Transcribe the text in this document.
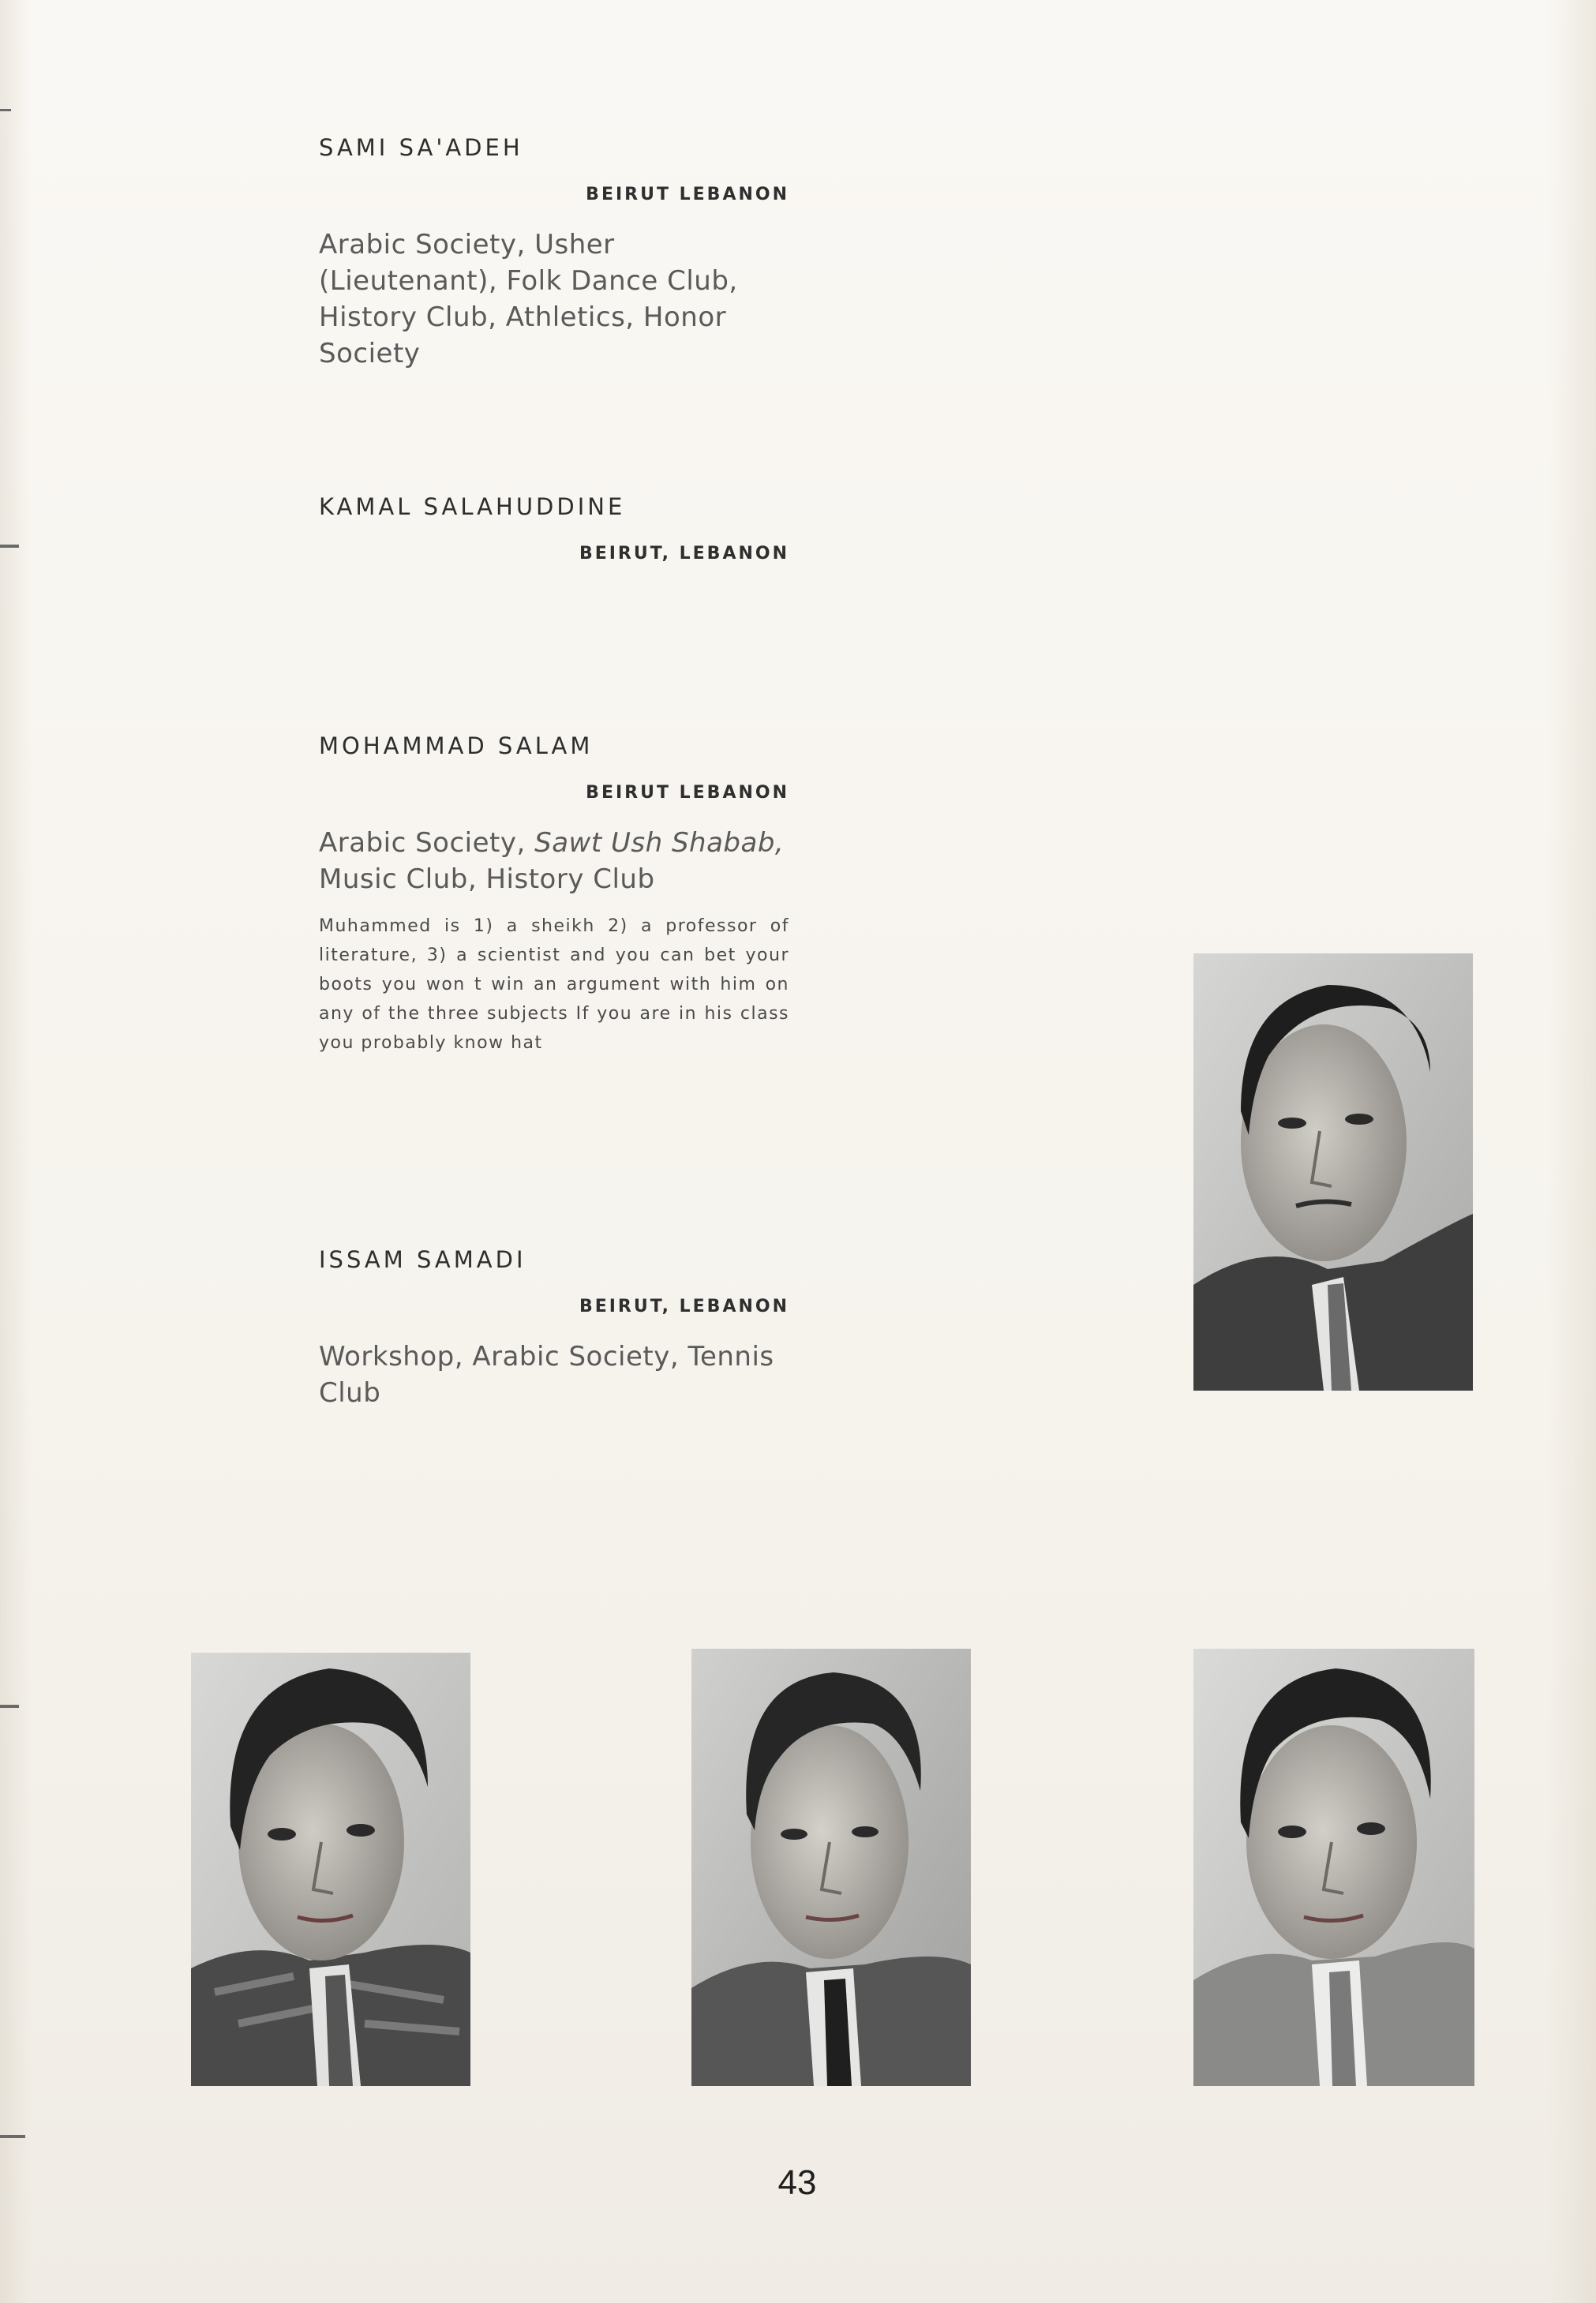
SAMI SA'ADEH
BEIRUT LEBANON
Arabic Society, Usher (Lieutenant), Folk Dance Club, History Club, Athletics, Honor Society
KAMAL SALAHUDDINE
BEIRUT, LEBANON
MOHAMMAD SALAM
BEIRUT LEBANON
Arabic Society, Sawt Ush Shabab,
Music Club, History Club
Muhammed is 1) a sheikh 2) a professor of literature, 3) a scientist and you can bet your boots you won t win an argument with him on any of the three subjects If you are in his class you probably know hat
ISSAM SAMADI
BEIRUT, LEBANON
Workshop, Arabic Society, Tennis Club
43
